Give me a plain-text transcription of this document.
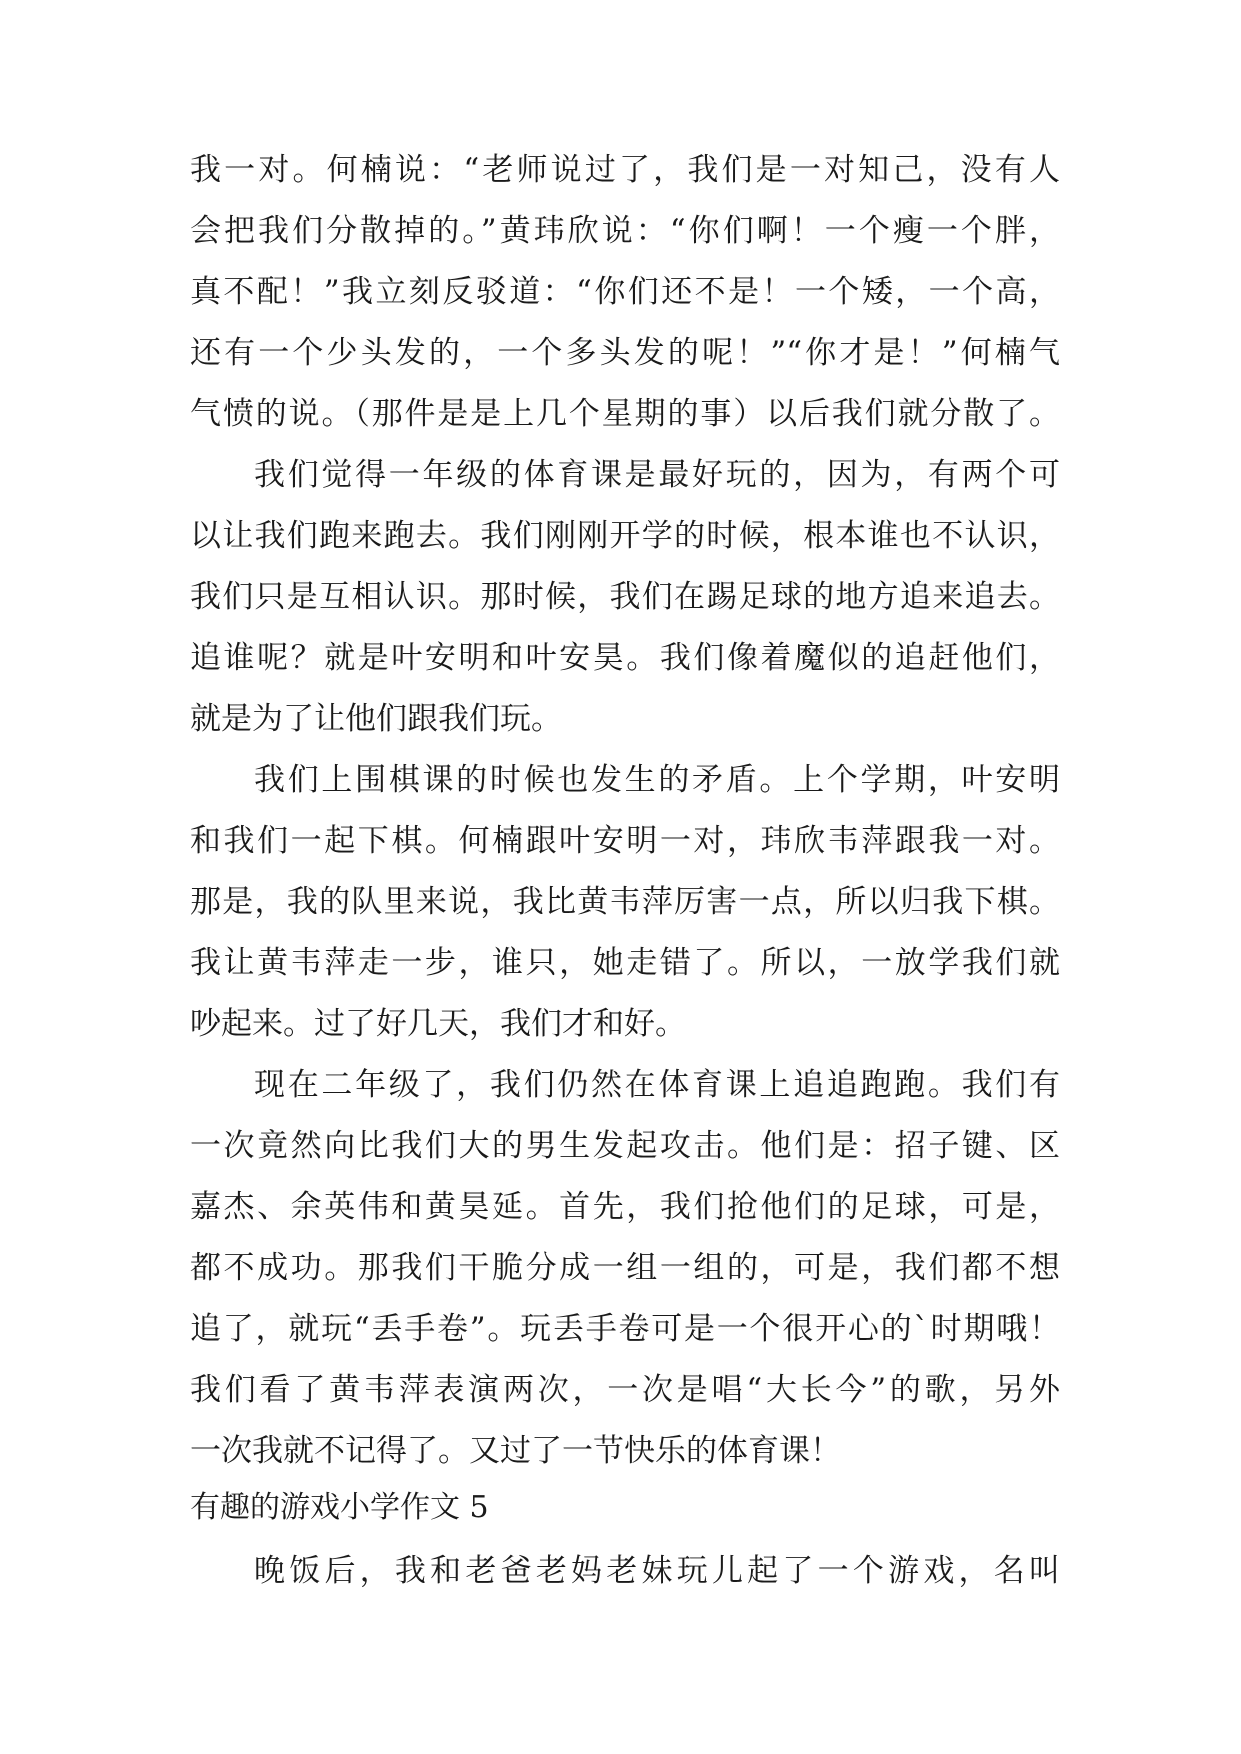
我一对。何楠说：“老师说过了，我们是一对知己，没有人
会把我们分散掉的。”黄玮欣说：“你们啊！一个瘦一个胖，
真不配！”我立刻反驳道：“你们还不是！一个矮，一个高，
还有一个少头发的，一个多头发的呢！”“你才是！”何楠气
气愤的说。（那件是是上几个星期的事）以后我们就分散了。
我们觉得一年级的体育课是最好玩的，因为，有两个可
以让我们跑来跑去。我们刚刚开学的时候，根本谁也不认识，
我们只是互相认识。那时候，我们在踢足球的地方追来追去。
追谁呢？就是叶安明和叶安昊。我们像着魔似的追赶他们，
就是为了让他们跟我们玩。
我们上围棋课的时候也发生的矛盾。上个学期，叶安明
和我们一起下棋。何楠跟叶安明一对，玮欣韦萍跟我一对。
那是，我的队里来说，我比黄韦萍厉害一点，所以归我下棋。
我让黄韦萍走一步，谁只，她走错了。所以，一放学我们就
吵起来。过了好几天，我们才和好。
现在二年级了，我们仍然在体育课上追追跑跑。我们有
一次竟然向比我们大的男生发起攻击。他们是：招子键、区
嘉杰、余英伟和黄昊延。首先，我们抢他们的足球，可是，
都不成功。那我们干脆分成一组一组的，可是，我们都不想
追了，就玩“丢手卷”。玩丢手卷可是一个很开心的`时期哦！
我们看了黄韦萍表演两次，一次是唱“大长今”的歌，另外
一次我就不记得了。又过了一节快乐的体育课！
有趣的游戏小学作文 5
晚饭后，我和老爸老妈老妹玩儿起了一个游戏，名叫
